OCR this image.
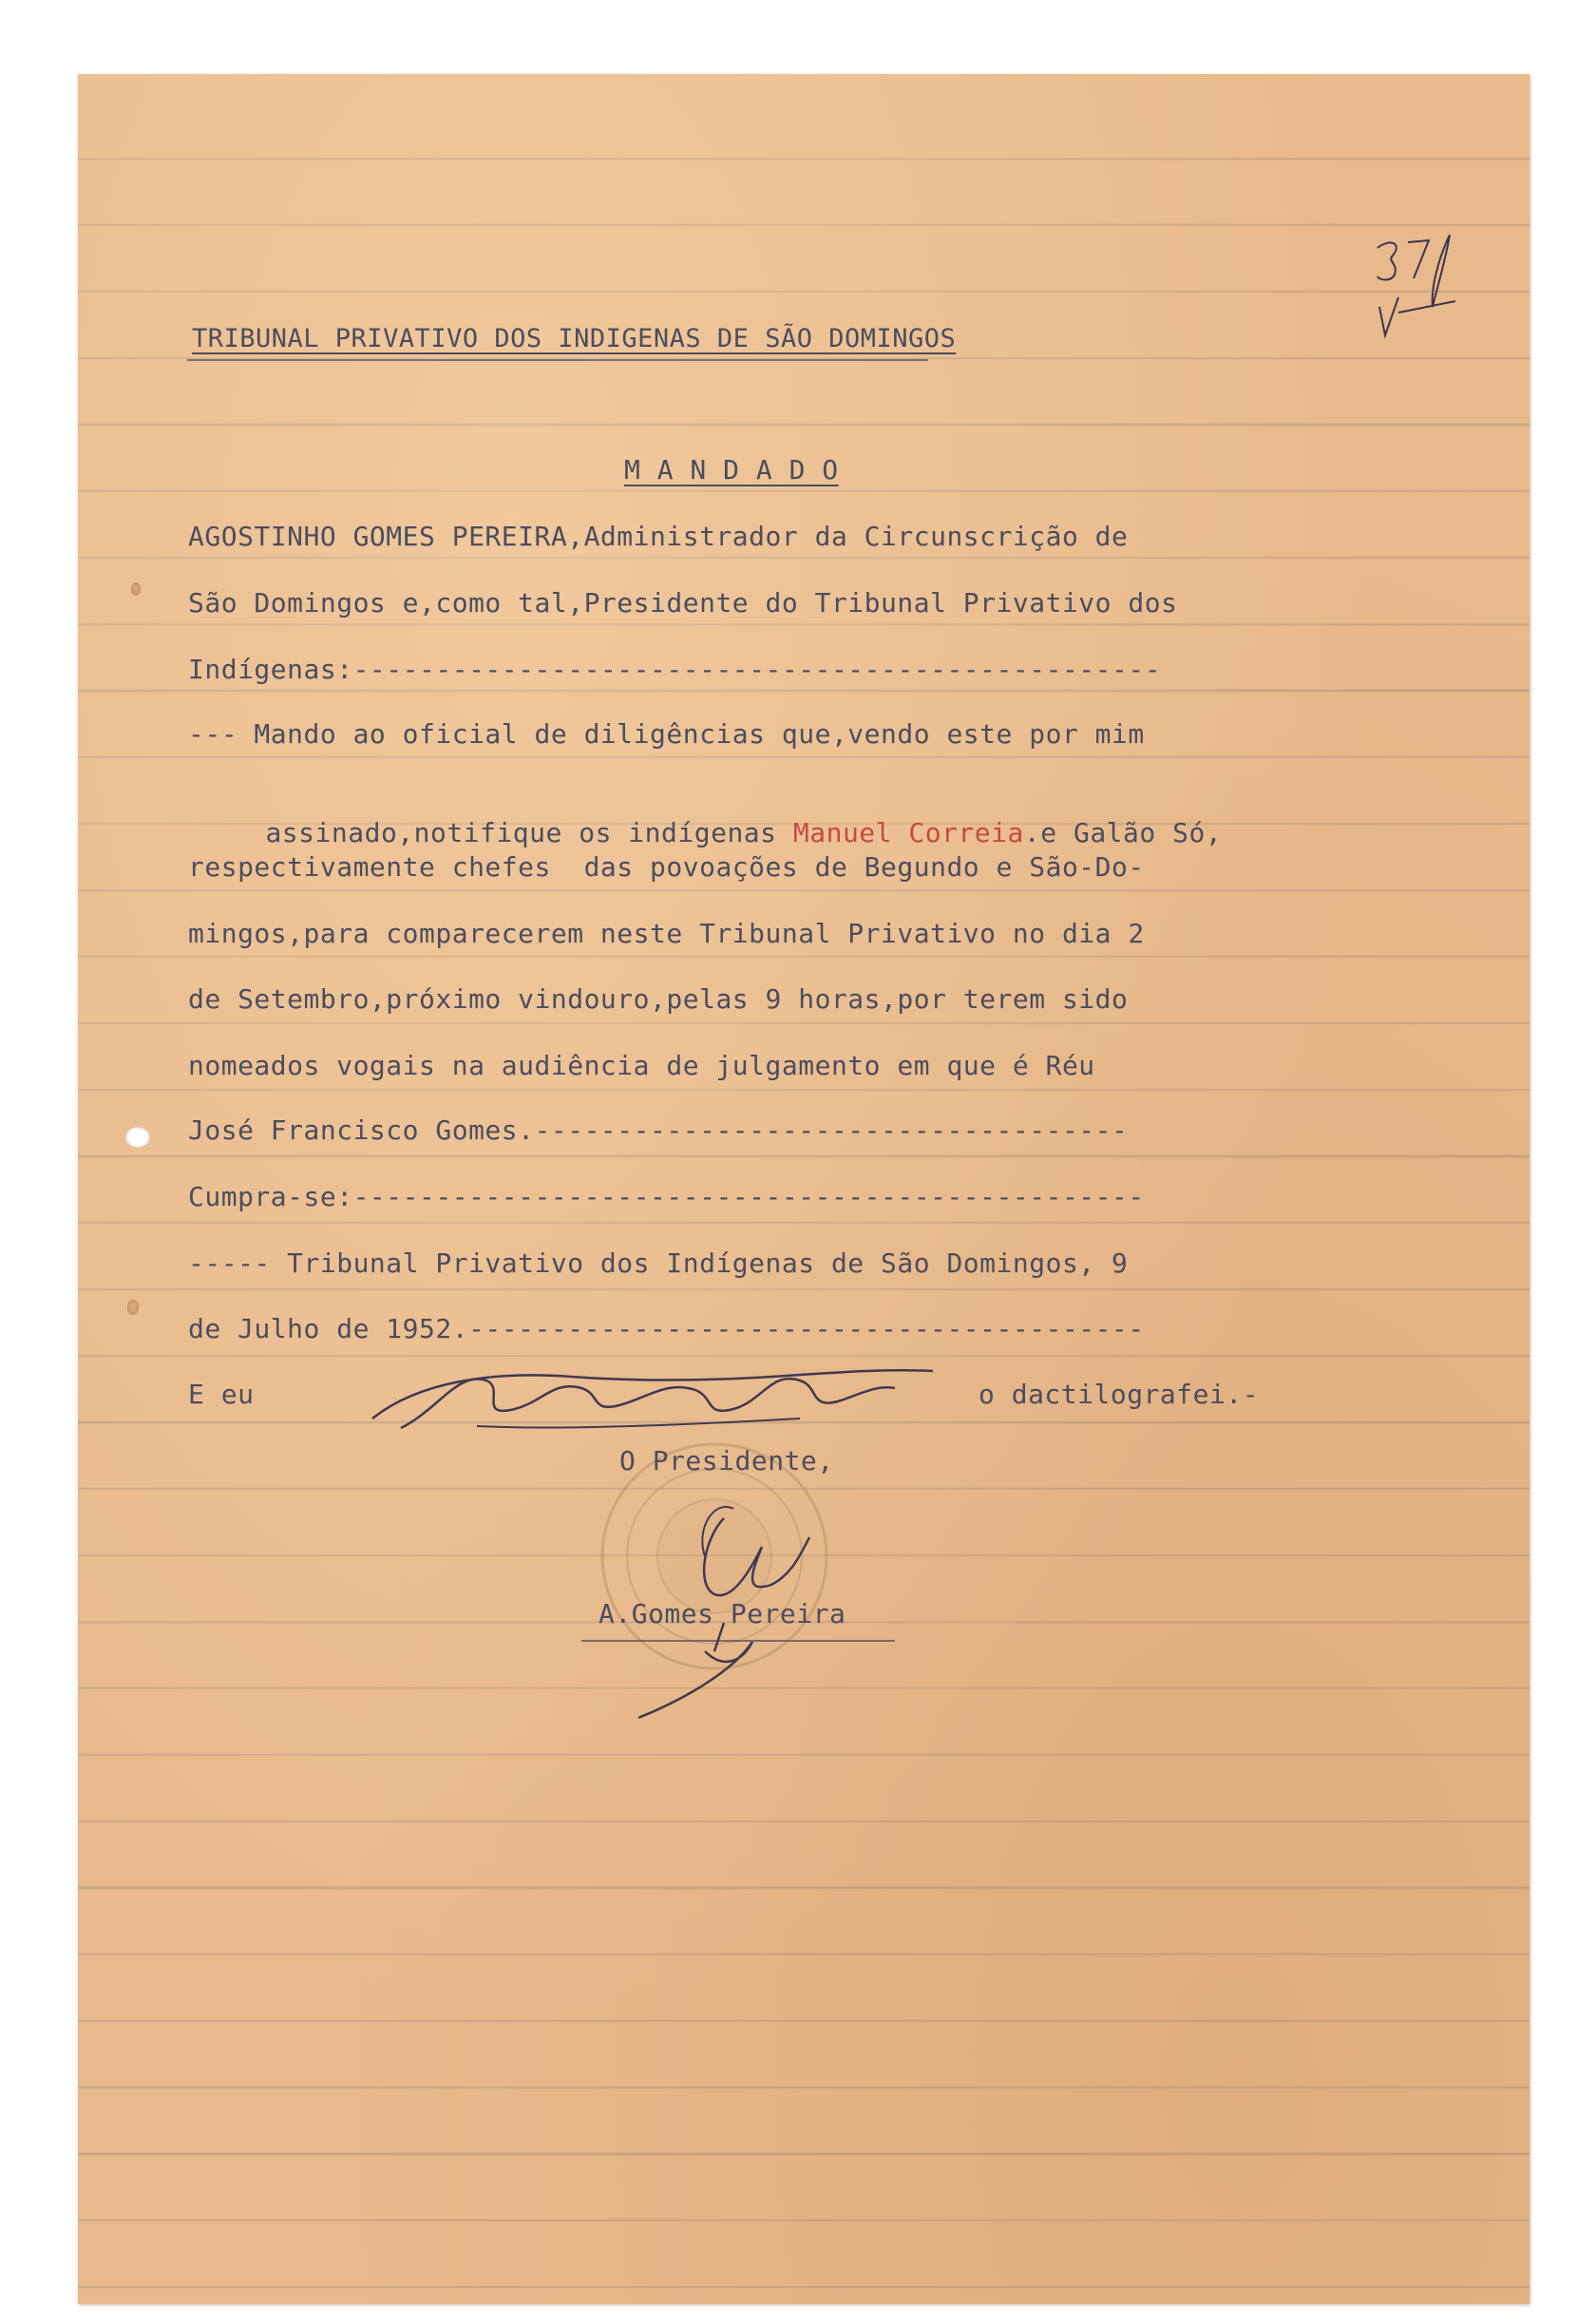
TRIBUNAL PRIVATIVO DOS INDIGENAS DE SÃO DOMINGOS
M A N D A D O
AGOSTINHO GOMES PEREIRA,Administrador da Circunscrição de
São Domingos e,como tal,Presidente do Tribunal Privativo dos
Indígenas:-------------------------------------------------
--- Mando ao oficial de diligências que,vendo este por mim

assinado,notifique os indígenas Manuel Correia.e Galão Só,

respectivamente chefes  das povoações de Begundo e São-Do-
mingos,para comparecerem neste Tribunal Privativo no dia 2
de Setembro,próximo vindouro,pelas 9 horas,por terem sido
nomeados vogais na audiência de julgamento em que é Réu
José Francisco Gomes.------------------------------------
Cumpra-se:------------------------------------------------
----- Tribunal Privativo dos Indígenas de São Domingos, 9
de Julho de 1952.-----------------------------------------
E eu	o dactilografei.-
O Presidente,
A.Gomes Pereira
